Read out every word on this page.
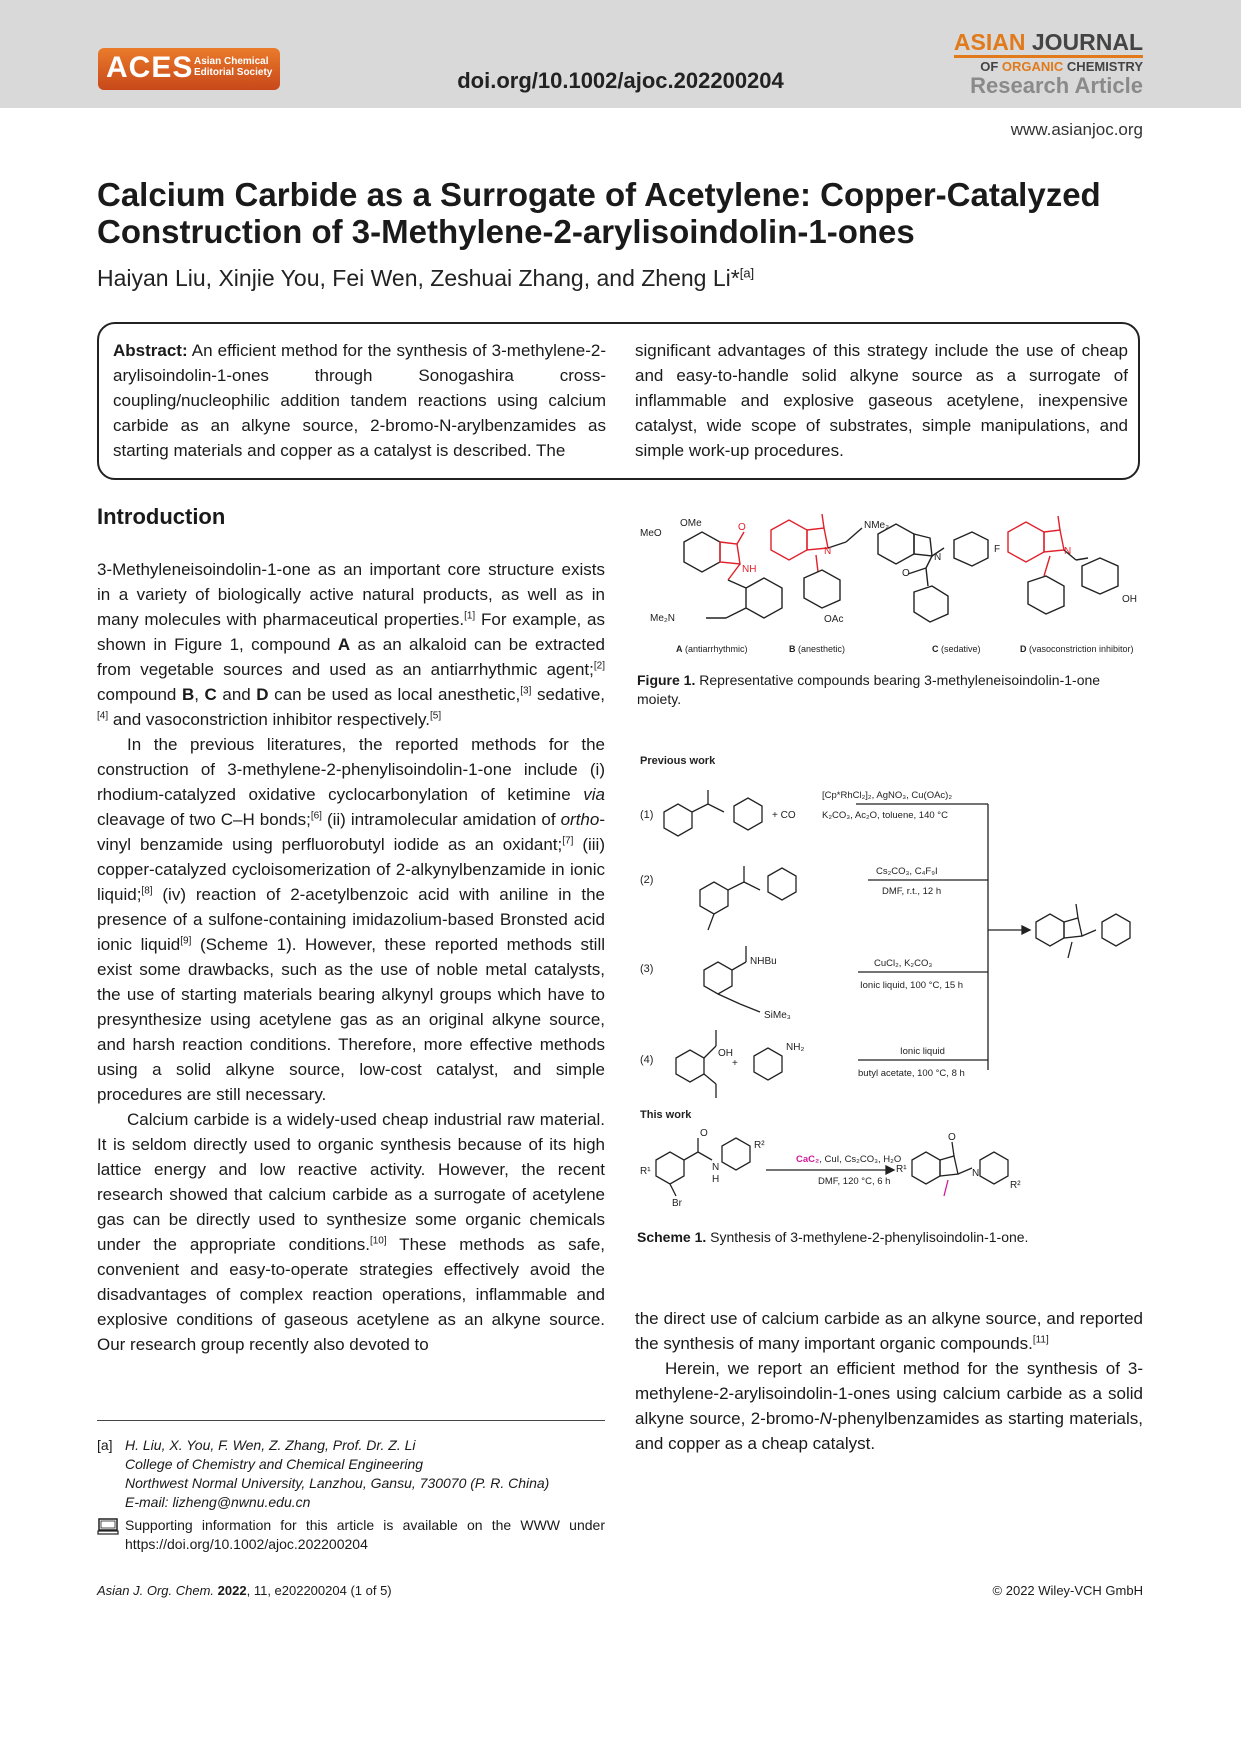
ACES Asian Chemical
Editorial Society	doi.org/10.1002/ajoc.202200204
ASIAN JOURNAL
OF ORGANIC CHEMISTRY
Research Article
www.asianjoc.org
Calcium Carbide as a Surrogate of Acetylene: Copper-Catalyzed
Construction of 3-Methylene-2-arylisoindolin-1-ones
Haiyan Liu, Xinjie You, Fei Wen, Zeshuai Zhang, and Zheng Li*[a]
Abstract: An efficient method for the synthesis of 3-methylene-2-arylisoindolin-1-ones through Sonogashira cross-coupling/nucleophilic addition tandem reactions using calcium carbide as an alkyne source, 2-bromo-N-arylbenzamides as starting materials and copper as a catalyst is described. The
significant advantages of this strategy include the use of cheap and easy-to-handle solid alkyne source as a surrogate of inflammable and explosive gaseous acetylene, inexpensive catalyst, wide scope of substrates, simple manipulations, and simple work-up procedures.
Introduction

3-Methyleneisoindolin-1-one as an important core structure exists in a variety of biologically active natural products, as well as in many molecules with pharmaceutical properties.[1] For example, as shown in Figure 1, compound A as an alkaloid can be extracted from vegetable sources and used as an antiarrhythmic agent;[2] compound B, C and D can be used as local anesthetic,[3] sedative,[4] and vasoconstriction inhibitor respectively.[5]

In the previous literatures, the reported methods for the construction of 3-methylene-2-phenylisoindolin-1-one include (i) rhodium-catalyzed oxidative cyclocarbonylation of ketimine via cleavage of two C–H bonds;[6] (ii) intramolecular amidation of ortho-vinyl benzamide using perfluorobutyl iodide as an oxidant;[7] (iii) copper-catalyzed cycloisomerization of 2-alkynylbenzamide in ionic liquid;[8] (iv) reaction of 2-acetylbenzoic acid with aniline in the presence of a sulfone-containing imidazolium-based Bronsted acid ionic liquid[9] (Scheme 1). However, these reported methods still exist some drawbacks, such as the use of noble metal catalysts, the use of starting materials bearing alkynyl groups which have to presynthesize using acetylene gas as an original alkyne source, and harsh reaction conditions. Therefore, more effective methods using a solid alkyne source, low-cost catalyst, and simple procedures are still necessary.

Calcium carbide is a widely-used cheap industrial raw material. It is seldom directly used to organic synthesis because of its high lattice energy and low reactive activity. However, the recent research showed that calcium carbide as a surrogate of acetylene gas can be directly used to synthesize some organic chemicals under the appropriate conditions.[10] These methods as safe, convenient and easy-to-operate strategies effectively avoid the disadvantages of complex reaction operations, inflammable and explosive conditions of gaseous acetylene as an alkyne source. Our research group recently also devoted to

[a] H. Liu, X. You, F. Wen, Z. Zhang, Prof. Dr. Z. Li
College of Chemistry and Chemical Engineering
Northwest Normal University, Lanzhou, Gansu, 730070 (P. R. China)
E-mail: lizheng@nwnu.edu.cn
Supporting information for this article is available on the WWW under https://doi.org/10.1002/ajoc.202200204
MeO
OMe	O
NH
Me₂N
NMe₂
N
OAc
N
F
O
N
OH
A (antiarrhythmic)	B (anesthetic)	C (sedative)	D (vasoconstriction inhibitor)
Figure 1. Representative compounds bearing 3-methyleneisoindolin-1-one moiety.
Previous work
This work
(1)
(2)
(3)
(4)
+ CO
[Cp*RhCl₂]₂, AgNO₃, Cu(OAc)₂
K₂CO₃, Ac₂O, toluene, 140 °C
Cs₂CO₃, C₄F₉I
DMF, r.t., 12 h
NHBu
SiMe₃
CuCl₂, K₂CO₃
Ionic liquid, 100 °C, 15 h
OH
+
NH₂	Ionic liquid
butyl acetate, 100 °C, 8 h
R¹
R²
O
N
H
Br
CaC₂, CuI, Cs₂CO₃, H₂O
DMF, 120 °C, 6 h
R¹
O
N
R²
Scheme 1. Synthesis of 3-methylene-2-phenylisoindolin-1-one.

the direct use of calcium carbide as an alkyne source, and reported the synthesis of many important organic compounds.[11]

Herein, we report an efficient method for the synthesis of 3-methylene-2-arylisoindolin-1-ones using calcium carbide as a solid alkyne source, 2-bromo-N-phenylbenzamides as starting materials, and copper as a cheap catalyst.

Asian J. Org. Chem. 2022, 11, e202200204 (1 of 5)	© 2022 Wiley-VCH GmbH
